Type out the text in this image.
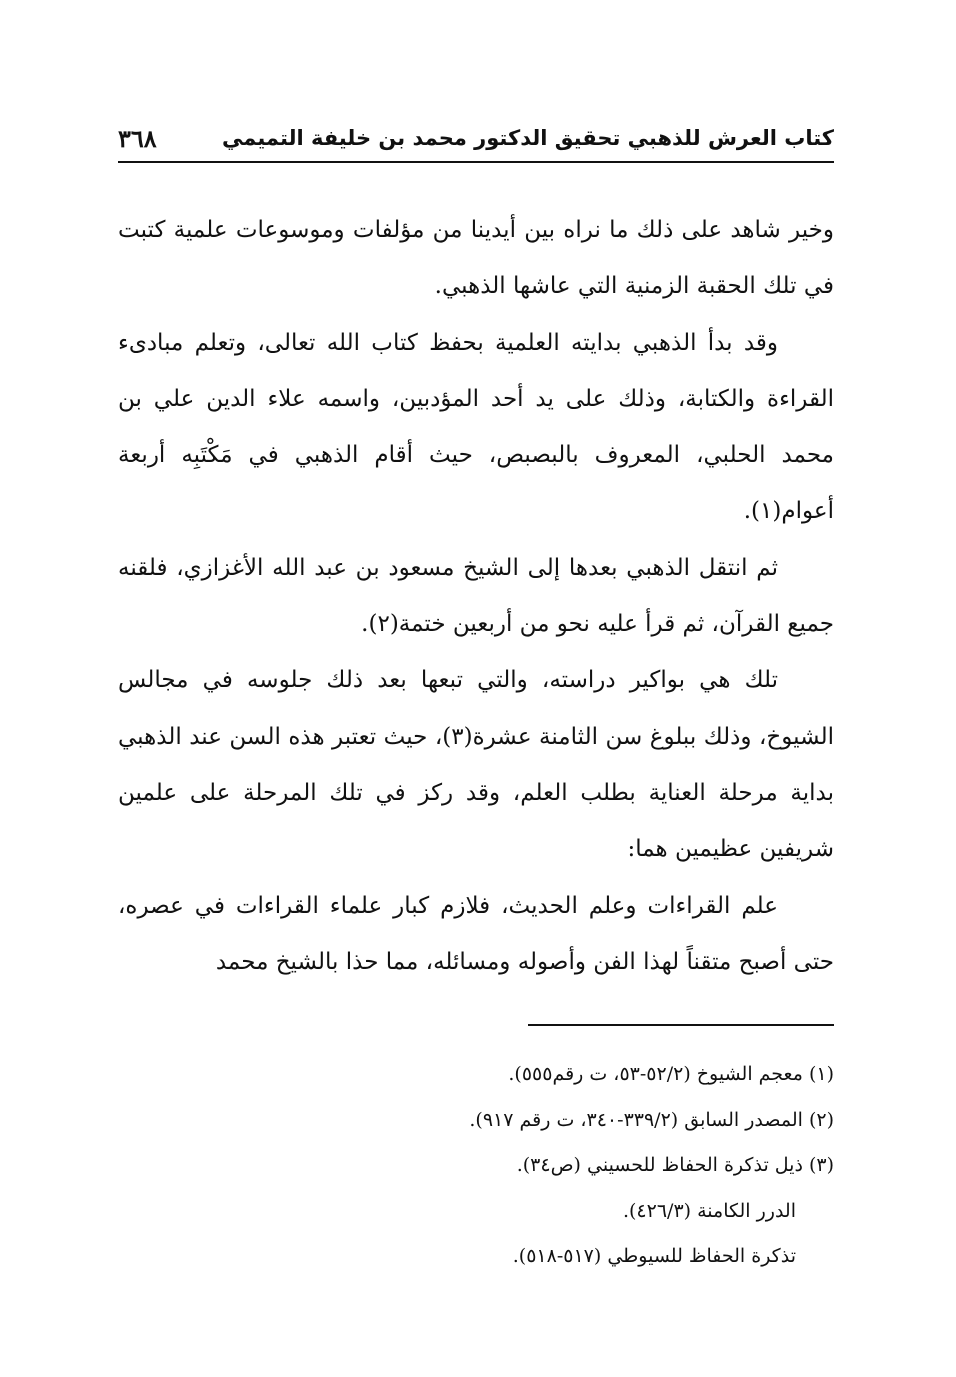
كتاب العرش للذهبي تحقيق الدكتور محمد بن خليفة التميمي
٣٦٨

وخير شاهد على ذلك ما نراه بين أيدينا من مؤلفات وموسوعات علمية كتبت في تلك الحقبة الزمنية التي عاشها الذهبي.

وقد بدأ الذهبي بدايته العلمية بحفظ كتاب الله تعالى، وتعلم مبادىء القراءة والكتابة، وذلك على يد أحد المؤدبين، واسمه علاء الدين علي بن محمد الحلبي، المعروف بالبصبص، حيث أقام الذهبي في مَكْتَبِه أربعة أعوام(١).

ثم انتقل الذهبي بعدها إلى الشيخ مسعود بن عبد الله الأغزازي، فلقنه جميع القرآن، ثم قرأ عليه نحو من أربعين ختمة(٢).

تلك هي بواكير دراسته، والتي تبعها بعد ذلك جلوسه في مجالس الشيوخ، وذلك ببلوغ سن الثامنة عشرة(٣)، حيث تعتبر هذه السن عند الذهبي بداية مرحلة العناية بطلب العلم، وقد ركز في تلك المرحلة على علمين شريفين عظيمين هما:

علم القراءات وعلم الحديث، فلازم كبار علماء القراءات في عصره، حتى أصبح متقناً لهذا الفن وأصوله ومسائله، مما حذا بالشيخ محمد

(١) معجم الشيوخ (٥٢/٢-٥٣، ت رقم٥٥٥).

(٢) المصدر السابق (٣٣٩/٢-٣٤٠، ت رقم ٩١٧).

(٣) ذيل تذكرة الحفاظ للحسيني (ص٣٤).

الدرر الكامنة (٤٢٦/٣).

تذكرة الحفاظ للسيوطي (٥١٧-٥١٨).
